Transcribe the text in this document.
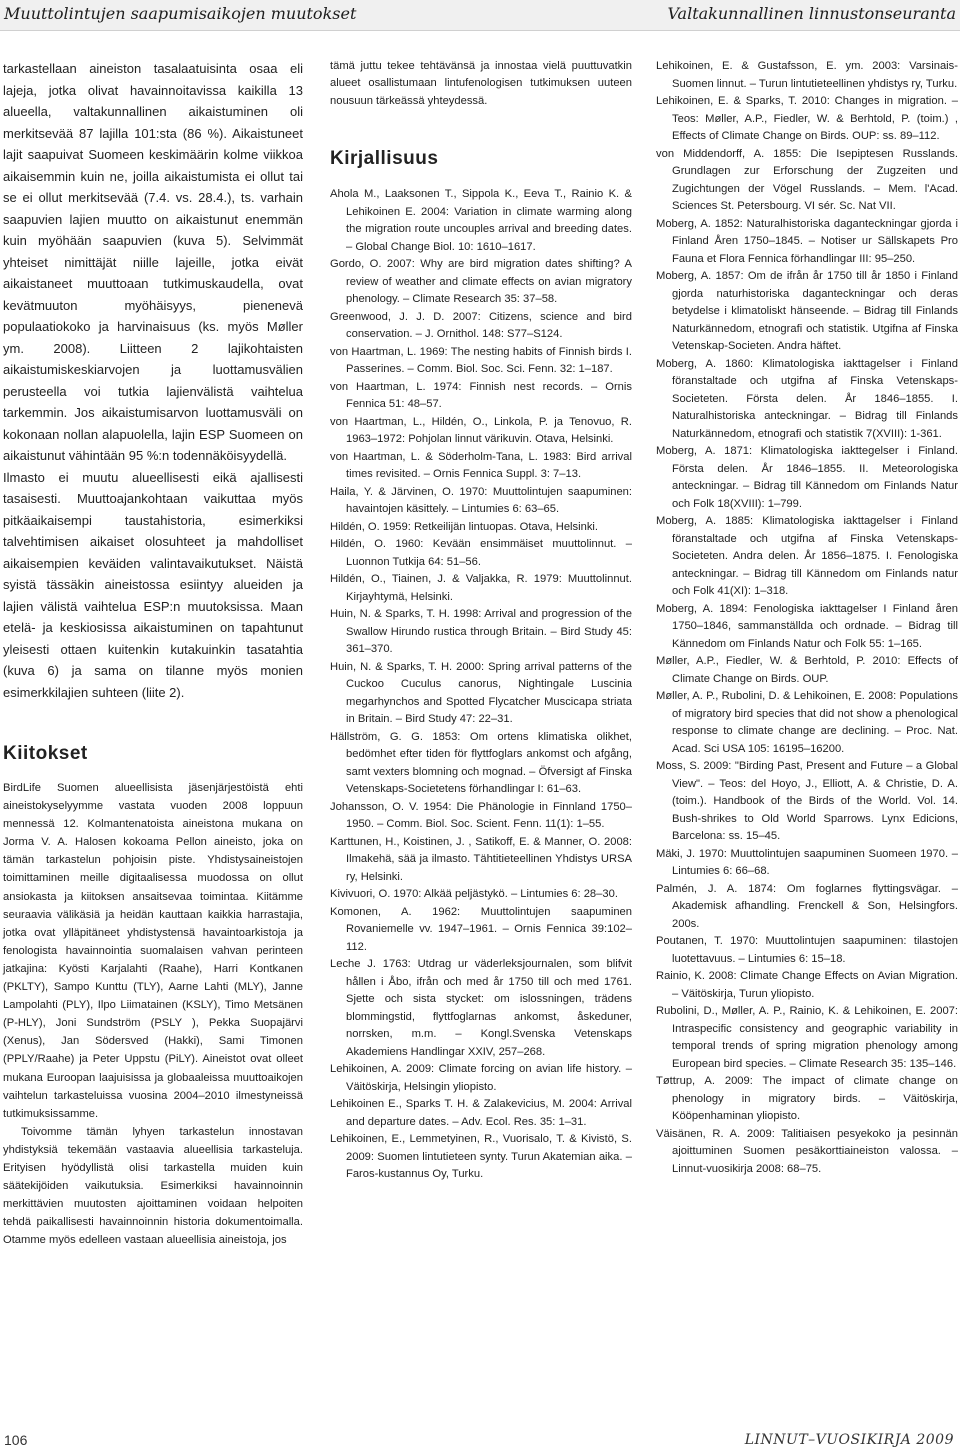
Muuttolintujen saapumisaikojen muutokset	Valtakunnallinen linnustonseuranta

tarkastellaan aineiston tasalaatuisinta osaa eli lajeja, jotka olivat havainnoitavissa kaikilla 13 alueella, valtakunnallinen aikaistuminen oli merkitsevää 87 lajilla 101:sta (86 %). Aikaistuneet lajit saapuivat Suomeen keskimäärin kolme viikkoa aikaisemmin kuin ne, joilla aikaistumista ei ollut tai se ei ollut merkitsevää (7.4. vs. 28.4.), ts. varhain saapuvien lajien muutto on aikaistunut enemmän kuin myöhään saapuvien (kuva 5). Selvimmät yhteiset nimittäjät niille lajeille, jotka eivät aikaistaneet muuttoaan tutkimuskaudella, ovat kevätmuuton myöhäisyys, pienenevä populaatiokoko ja harvinaisuus (ks. myös Møller ym. 2008). Liitteen 2 lajikohtaisten aikaistumiskeskiarvojen ja luottamusvälien perusteella voi tutkia lajienvälistä vaihtelua tarkemmin. Jos aikaistumisarvon luottamusväli on kokonaan nollan alapuolella, lajin ESP Suomeen on aikaistunut vähintään 95 %:n todennäköisyydellä.

Ilmasto ei muutu alueellisesti eikä ajallisesti tasaisesti. Muuttoajankohtaan vaikuttaa myös pitkäaikaisempi taustahistoria, esimerkiksi talvehtimisen aikaiset olosuhteet ja mahdolliset aikaisempien keväiden valintavaikutukset. Näistä syistä tässäkin aineistossa esiintyy alueiden ja lajien välistä vaihtelua ESP:n muutoksissa. Maan etelä- ja keskiosissa aikaistuminen on tapahtunut yleisesti ottaen kuitenkin kutakuinkin tasatahtia (kuva 6) ja sama on tilanne myös monien esimerkkilajien suhteen (liite 2).

Kiitokset

BirdLife Suomen alueellisista jäsenjärjestöistä ehti aineistokyselyymme vastata vuoden 2008 loppuun mennessä 12. Kolmantenatoista aineistona mukana on Jorma V. A. Halosen kokoama Pellon aineisto, joka on tämän tarkastelun pohjoisin piste. Yhdistysaineistojen toimittaminen meille digitaalisessa muodossa on ollut ansiokasta ja kiitoksen ansaitsevaa toimintaa. Kiitämme seuraavia välikäsiä ja heidän kauttaan kaikkia harrastajia, jotka ovat ylläpitäneet yhdistystensä havaintoarkistoja ja fenologista havainnointia suomalaisen vahvan perinteen jatkajina: Kyösti Karjalahti (Raahe), Harri Kontkanen (PKLTY), Sampo Kunttu (TLY), Aarne Lahti (MLY), Janne Lampolahti (PLY), Ilpo Liimatainen (KSLY), Timo Metsänen (P-HLY), Joni Sundström (PSLY ), Pekka Suopajärvi (Xenus), Jan Södersved (Hakki), Sami Timonen (PPLY/Raahe) ja Peter Uppstu (PiLY). Aineistot ovat olleet mukana Euroopan laajuisissa ja globaaleissa muuttoaikojen vaihtelun tarkasteluissa vuosina 2004–2010 ilmestyneissä tutkimuksissamme.

Toivomme tämän lyhyen tarkastelun innostavan yhdistyksiä tekemään vastaavia alueellisia tarkasteluja. Erityisen hyödyllistä olisi tarkastella muiden kuin säätekijöiden vaikutuksia. Esimerkiksi havainnoinnin merkittävien muutosten ajoittaminen voidaan helpoiten tehdä paikallisesti havainnoinnin historia dokumentoimalla. Otamme myös edelleen vastaan alueellisia aineistoja, jos

tämä juttu tekee tehtävänsä ja innostaa vielä puuttuvatkin alueet osallistumaan lintufenologisen tutkimuksen uuteen nousuun tärkeässä yhteydessä.

Kirjallisuus

Ahola M., Laaksonen T., Sippola K., Eeva T., Rainio K. & Lehikoinen E. 2004: Variation in climate warming along the migration route uncouples arrival and breeding dates. – Global Change Biol. 10: 1610–1617.

Gordo, O. 2007: Why are bird migration dates shifting? A review of weather and climate effects on avian migratory phenology. – Climate Research 35: 37–58.

Greenwood, J. J. D. 2007: Citizens, science and bird conservation. – J. Ornithol. 148: S77–S124.

von Haartman, L. 1969: The nesting habits of Finnish birds I. Passerines. – Comm. Biol. Soc. Sci. Fenn. 32: 1–187.

von Haartman, L. 1974: Finnish nest records. – Ornis Fennica 51: 48–57.

von Haartman, L., Hildén, O., Linkola, P. ja Tenovuo, R. 1963–1972: Pohjolan linnut värikuvin. Otava, Helsinki.

von Haartman, L. & Söderholm-Tana, L. 1983: Bird arrival times revisited. – Ornis Fennica Suppl. 3: 7–13.

Haila, Y. & Järvinen, O. 1970: Muuttolintujen saapuminen: havaintojen käsittely. – Lintumies 6: 63–65.

Hildén, O. 1959: Retkeilijän lintuopas. Otava, Helsinki.

Hildén, O. 1960: Kevään ensimmäiset muuttolinnut. – Luonnon Tutkija 64: 51–56.

Hildén, O., Tiainen, J. & Valjakka, R. 1979: Muuttolinnut. Kirjayhtymä, Helsinki.

Huin, N. & Sparks, T. H. 1998: Arrival and progression of the Swallow Hirundo rustica through Britain. – Bird Study 45: 361–370.

Huin, N. & Sparks, T. H. 2000: Spring arrival patterns of the Cuckoo Cuculus canorus, Nightingale Luscinia megarhynchos and Spotted Flycatcher Muscicapa striata in Britain. – Bird Study 47: 22–31.

Hällström, G. G. 1853: Om ortens klimatiska olikhet, bedömhet efter tiden för flyttfoglars ankomst och afgång, samt vexters blomning och mognad. – Öfversigt af Finska Vetenskaps-Societetens förhandlingar I: 61–63.

Johansson, O. V. 1954: Die Phänologie in Finnland 1750–1950. – Comm. Biol. Soc. Scient. Fenn. 11(1): 1–55.

Karttunen, H., Koistinen, J. , Satikoff, E. & Manner, O. 2008: Ilmakehä, sää ja ilmasto. Tähtitieteellinen Yhdistys URSA ry, Helsinki.

Kivivuori, O. 1970: Alkää peljästykö. – Lintumies 6: 28–30.

Komonen, A. 1962: Muuttolintujen saapuminen Rovaniemelle vv. 1947–1961. – Ornis Fennica 39:102–112.

Leche J. 1763: Utdrag ur väderleksjournalen, som blifvit hållen i Åbo, ifrån och med år 1750 till och med 1761. Sjette och sista stycket: om islossningen, trädens blommingstid, flyttfoglarnas ankomst, åskeduner, norrsken, m.m. – Kongl.Svenska Vetenskaps Akademiens Handlingar XXIV, 257–268.

Lehikoinen, A. 2009: Climate forcing on avian life history. – Väitöskirja, Helsingin yliopisto.

Lehikoinen E., Sparks T. H. & Zalakevicius, M. 2004: Arrival and departure dates. – Adv. Ecol. Res. 35: 1–31.

Lehikoinen, E., Lemmetyinen, R., Vuorisalo, T. & Kivistö, S. 2009: Suomen lintutieteen synty. Turun Akatemian aika. – Faros-kustannus Oy, Turku.

Lehikoinen, E. & Gustafsson, E. ym. 2003: Varsinais-Suomen linnut. – Turun lintutieteellinen yhdistys ry, Turku.

Lehikoinen, E. & Sparks, T. 2010: Changes in migration. – Teos: Møller, A.P., Fiedler, W. & Berhtold, P. (toim.) , Effects of Climate Change on Birds. OUP: ss. 89–112.

von Middendorff, A. 1855: Die Isepiptesen Russlands. Grundlagen zur Erforschung der Zugzeiten und Zugichtungen der Vögel Russlands. – Mem. l'Acad. Sciences St. Petersbourg. VI sér. Sc. Nat VII.

Moberg, A. 1852: Naturalhistoriska daganteckningar gjorda i Finland Åren 1750–1845. – Notiser ur Sällskapets Pro Fauna et Flora Fennica förhandlingar III: 95–250.

Moberg, A. 1857: Om de ifrån år 1750 till år 1850 i Finland gjorda naturhistoriska daganteckningar och deras betydelse i klimatoliskt hänseende. – Bidrag till Finlands Naturkännedom, etnografi och statistik. Utgifna af Finska Vetenskap-Societen. Andra häftet.

Moberg, A. 1860: Klimatologiska iakttagelser i Finland föranstaltade och utgifna af Finska Vetenskaps-Societeten. Första delen. År 1846–1855. I. Naturalhistoriska anteckningar. – Bidrag till Finlands Naturkännedom, etnografi och statistik 7(XVIII): 1-361.

Moberg, A. 1871: Klimatologiska iakttegelser i Finland. Första delen. År 1846–1855. II. Meteorologiska anteckningar. – Bidrag till Kännedom om Finlands Natur och Folk 18(XVIII): 1–799.

Moberg, A. 1885: Klimatologiska iakttagelser i Finland föranstaltade och utgifna af Finska Vetenskaps-Societeten. Andra delen. År 1856–1875. I. Fenologiska anteckningar. – Bidrag till Kännedom om Finlands natur och Folk 41(XI): 1–318.

Moberg, A. 1894: Fenologiska iakttagelser I Finland åren 1750–1846, sammanställda och ordnade. – Bidrag till Kännedom om Finlands Natur och Folk 55: 1–165.

Møller, A.P., Fiedler, W. & Berhtold, P. 2010: Effects of Climate Change on Birds. OUP.

Møller, A. P., Rubolini, D. & Lehikoinen, E. 2008: Populations of migratory bird species that did not show a phenological response to climate change are declining. – Proc. Nat. Acad. Sci USA 105: 16195–16200.

Moss, S. 2009: "Birding Past, Present and Future – a Global View". – Teos: del Hoyo, J., Elliott, A. & Christie, D. A. (toim.). Handbook of the Birds of the World. Vol. 14. Bush-shrikes to Old World Sparrows. Lynx Edicions, Barcelona: ss. 15–45.

Mäki, J. 1970: Muuttolintujen saapuminen Suomeen 1970. – Lintumies 6: 66–68.

Palmén, J. A. 1874: Om foglarnes flyttingsvägar. – Akademisk afhandling. Frenckell & Son, Helsingfors. 200s.

Poutanen, T. 1970: Muuttolintujen saapuminen: tilastojen luotettavuus. – Lintumies 6: 15–18.

Rainio, K. 2008: Climate Change Effects on Avian Migration. – Väitöskirja, Turun yliopisto.

Rubolini, D., Møller, A. P., Rainio, K. & Lehikoinen, E. 2007: Intraspecific consistency and geographic variability in temporal trends of spring migration phenology among European bird species. – Climate Research 35: 135–146.

Tøttrup, A. 2009: The impact of climate change on phenology in migratory birds. – Väitöskirja, Kööpenhaminan yliopisto.

Väisänen, R. A. 2009: Talitiaisen pesyekoko ja pesinnän ajoittuminen Suomen pesäkorttiaineiston valossa. – Linnut-vuosikirja 2008: 68–75.

106	LINNUT–VUOSIKIRJA 2009
